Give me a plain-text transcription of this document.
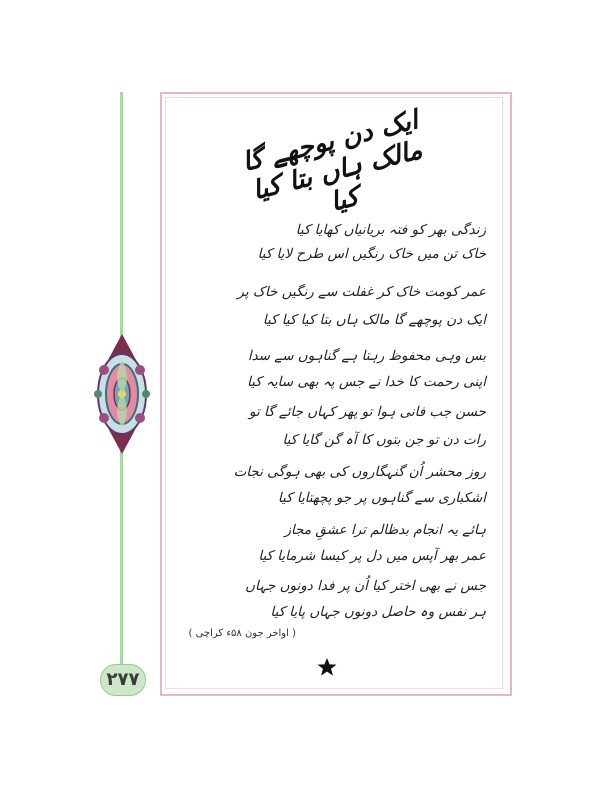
۲۷۷
ایک دن پوچھے گا مالک ہاں بتا کیا کیا
زندگی بھر کو فتہ بریانیاں کھایا کیا
خاک تن میں خاک رنگیں اس طرح لایا کیا
عمر کومت خاک کر غفلت سے رنگیں خاک پر
ایک دن پوچھے گا مالک ہاں بتا کیا کیا کیا
بس وہی محفوظ رہتا ہے گناہوں سے سدا
اپنی رحمت کا خدا نے جس پہ بھی سایہ کیا
حسن جب فانی ہوا تو پھر کہاں جائے گا تو
رات دن تو جن بتوں کا آہ گن گایا کیا
روز محشر اُن گنہگاروں کی بھی ہوگی نجات
اشکباری سے گناہوں پر جو پچھتایا کیا
ہائے یہ انجام بدظالم ترا عشقِ مجاز
عمر بھر آپس میں دل پر کیسا شرمایا کیا
جس نے بھی اختر کیا اُن پر فدا دونوں جہاں
ہر نفس وہ حاصل دونوں جہاں پایا کیا
( اواخر جون ۵۸ء کراچی )
